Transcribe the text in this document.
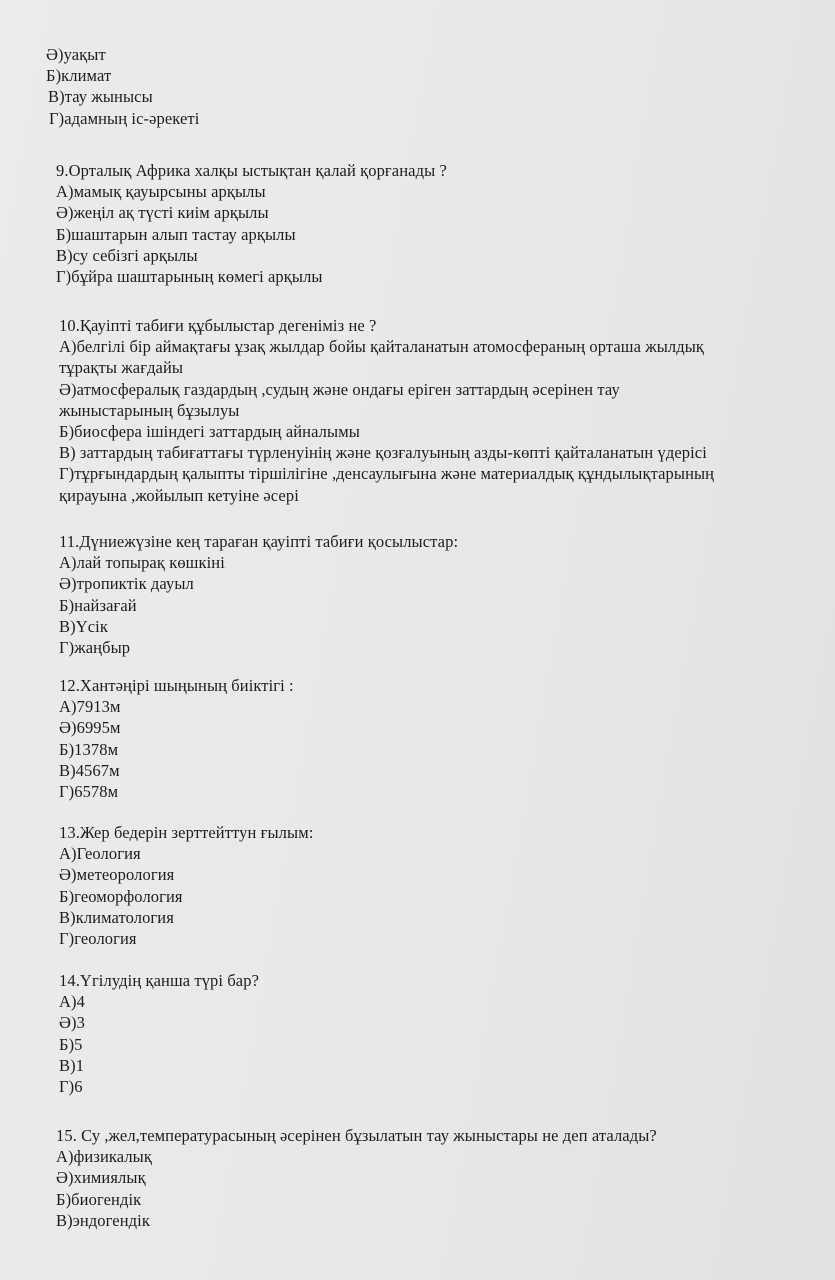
Ә)уақыт
Б)климат
В)тау жынысы
Г)адамның іс-әрекеті
9.Орталық Африка халқы ыстықтан қалай қорғанады ?
А)мамық қауырсыны арқылы
Ә)жеңіл ақ түсті киім арқылы
Б)шаштарын алып тастау арқылы
В)су себізгі арқылы
Г)бұйра шаштарының көмегі арқылы
10.Қауіпті табиғи құбылыстар дегеніміз не ?
А)белгілі бір аймақтағы ұзақ жылдар бойы қайталанатын атомосфераның орташа жылдық
тұрақты жағдайы
Ә)атмосфералық газдардың ,судың және ондағы еріген заттардың әсерінен тау
жыныстарының бұзылуы
Б)биосфера ішіндегі заттардың айналымы
В) заттардың табиғаттағы түрленуінің және қозғалуының азды-көпті қайталанатын үдерісі
Г)тұрғындардың қалыпты тіршілігіне ,денсаулығына және материалдық құндылықтарының
қирауына ,жойылып кетуіне әсері
11.Дүниежүзіне кең тараған қауіпті табиғи қосылыстар:
А)лай топырақ көшкіні
Ә)тропиктік дауыл
Б)найзағай
В)Үсік
Г)жаңбыр
12.Хантәңірі шыңының биіктігі :
А)7913м
Ә)6995м
Б)1378м
В)4567м
Г)6578м
13.Жер бедерін зерттейттун ғылым:
А)Геология
Ә)метеорология
Б)геоморфология
В)климатология
Г)геология
14.Үгілудің қанша түрі бар?
А)4
Ә)3
Б)5
В)1
Г)6
15. Су ,жел,температурасының әсерінен бұзылатын тау жыныстары не деп аталады?
А)физикалық
Ә)химиялық
Б)биогендік
В)эндогендік
